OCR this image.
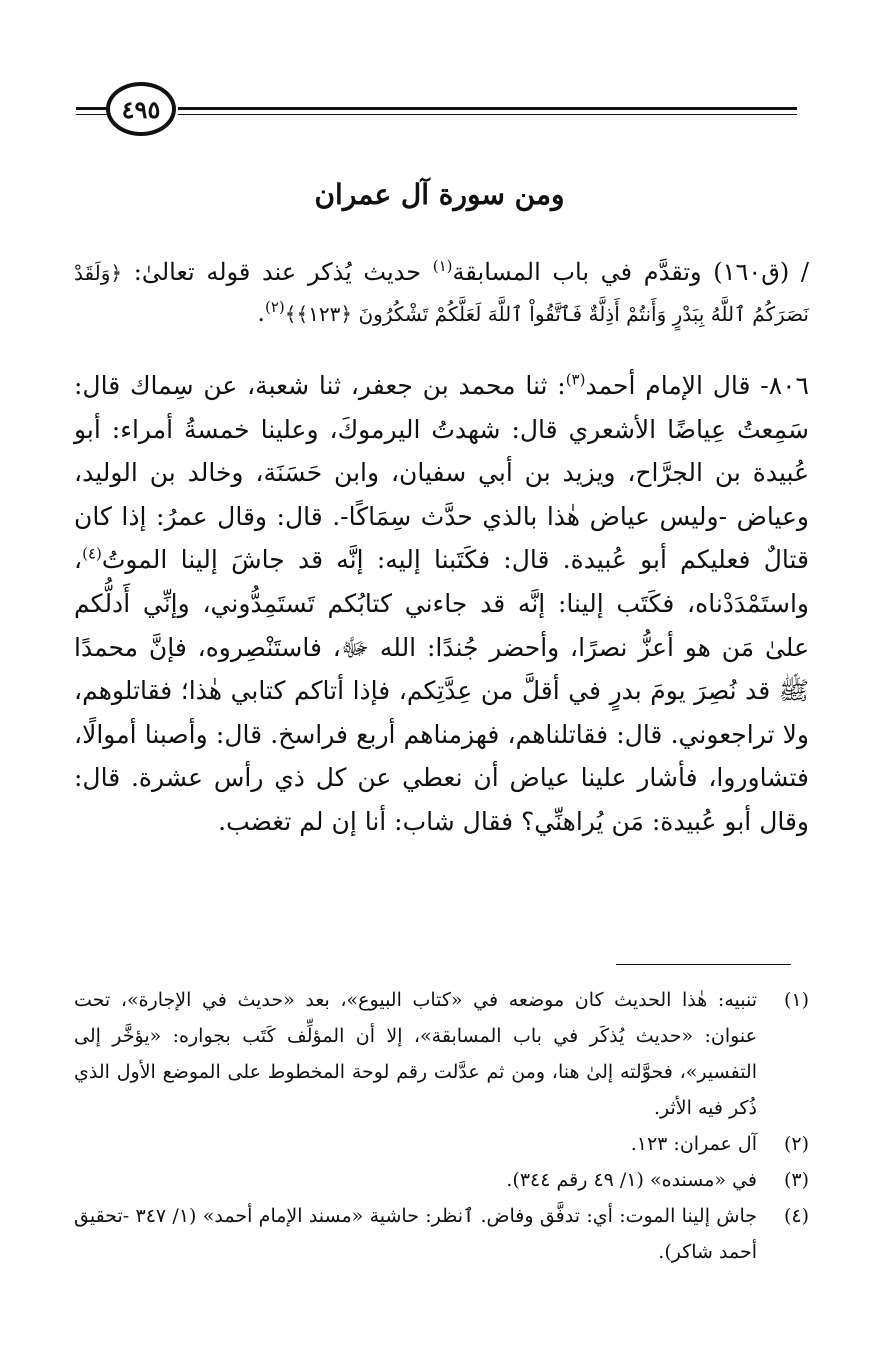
٤٩٥
ومن سورة آل عمران
/ (ق١٦٠) وتقدَّم في باب المسابقة$^{(١)}$ حديث يُذكر عند قوله تعالىٰ: ﴿وَلَقَدْ نَصَرَكُمُ ٱللَّهُ بِبَدْرٍ وَأَنتُمْ أَذِلَّةٌ فَٱتَّقُواْ ٱللَّهَ لَعَلَّكُمْ تَشْكُرُونَ ﴿١٢٣﴾﴾$^{(٢)}$.
٨٠٦- قال الإمام أحمد$^{(٣)}$: ثنا محمد بن جعفر، ثنا شعبة، عن سِماك قال: سَمِعتُ عِياضًا الأشعري قال: شهدتُ اليرموكَ، وعلينا خمسةُ أمراء: أبو عُبيدة بن الجرَّاح، ويزيد بن أبي سفيان، وابن حَسَنَة، وخالد بن الوليد، وعياض -وليس عياض هٰذا بالذي حدَّث سِمَاكًا-. قال: وقال عمرُ: إذا كان قتالٌ فعليكم أبو عُبيدة. قال: فكَتَبنا إليه: إنَّه قد جاشَ إلينا الموتُ$^{(٤)}$، واستَمْدَدْناه، فكَتَب إلينا: إنَّه قد جاءني كتابُكم تَستَمِدُّوني، وإنِّي أَدلُّكم علىٰ مَن هو أعزُّ نصرًا، وأحضر جُندًا: الله ﷻ، فاستَنْصِروه، فإنَّ محمدًا ﷺ قد نُصِرَ يومَ بدرٍ في أقلَّ من عِدَّتِكم، فإذا أتاكم كتابي هٰذا؛ فقاتلوهم، ولا تراجعوني. قال: فقاتلناهم، فهزمناهم أربع فراسخ. قال: وأصبنا أموالًا، فتشاوروا، فأشار علينا عياض أن نعطي عن كل ذي رأس عشرة. قال: وقال أبو عُبيدة: مَن يُراهنِّي؟ فقال شاب: أنا إن لم تغضب.
(١)
تنبيه: هٰذا الحديث كان موضعه في «كتاب البيوع»، بعد «حديث في الإجارة»، تحت عنوان: «حديث يُذكَر في باب المسابقة»، إلا أن المؤلِّف كَتَب بجواره: «يؤخَّر إلى التفسير»، فحوَّلته إلىٰ هنا، ومن ثم عدَّلت رقم لوحة المخطوط على الموضع الأول الذي ذُكر فيه الأثر.
(٢)
آل عمران: ١٢٣.
(٣)
في «مسنده» (١/ ٤٩ رقم ٣٤٤).
(٤)
جاش إلينا الموت: أي: تدفَّق وفاض. ٱنظر: حاشية «مسند الإمام أحمد» (١/ ٣٤٧ -تحقيق أحمد شاكر).
